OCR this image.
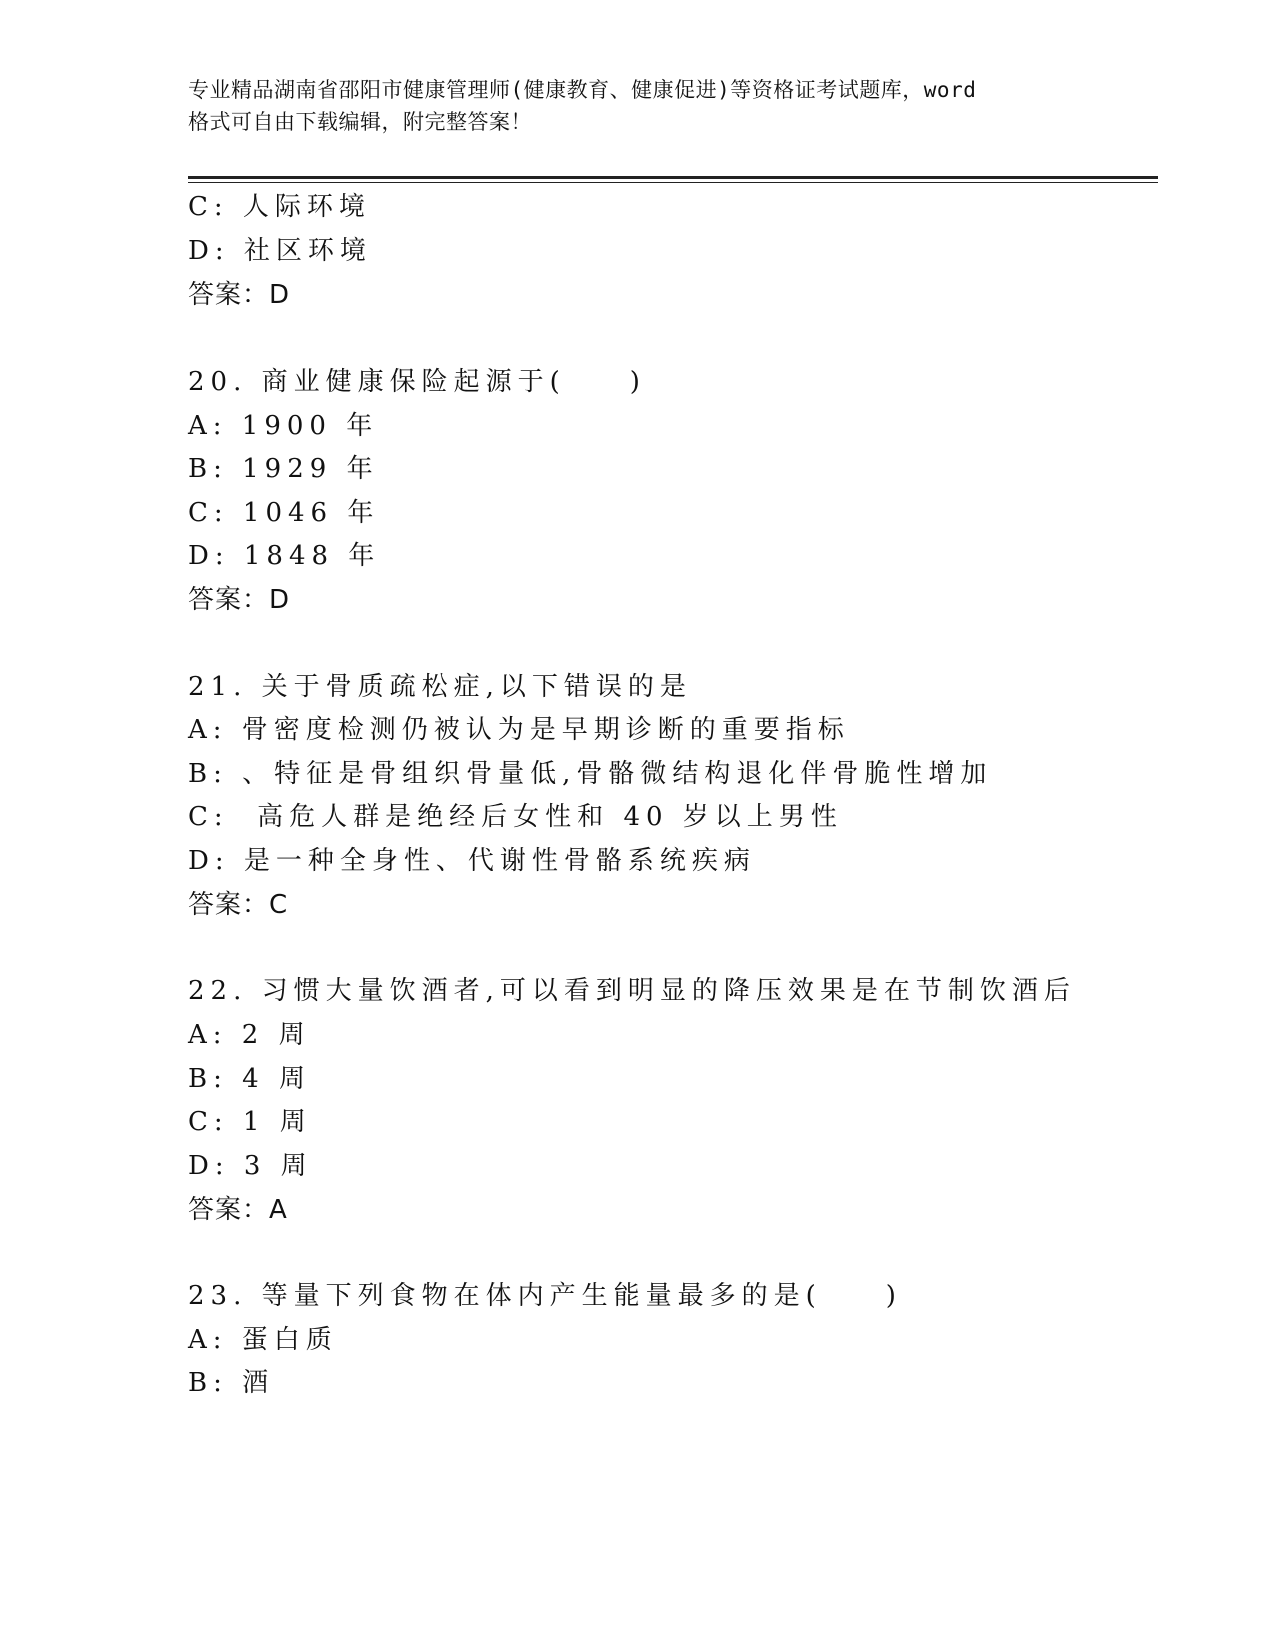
专业精品湖南省邵阳市健康管理师(健康教育、健康促进)等资格证考试题库，word
格式可自由下载编辑，附完整答案！
C: 人际环境
D: 社区环境
答案：D
20. 商业健康保险起源于(　　)
A: 1900 年
B: 1929 年
C: 1046 年
D: 1848 年
答案：D
21. 关于骨质疏松症,以下错误的是
A: 骨密度检测仍被认为是早期诊断的重要指标
B: 、特征是骨组织骨量低,骨骼微结构退化伴骨脆性增加
C:  高危人群是绝经后女性和 40 岁以上男性
D: 是一种全身性、代谢性骨骼系统疾病
答案：C
22. 习惯大量饮酒者,可以看到明显的降压效果是在节制饮酒后
A: 2 周
B: 4 周
C: 1 周
D: 3 周
答案：A
23. 等量下列食物在体内产生能量最多的是(　　)
A: 蛋白质
B: 酒
